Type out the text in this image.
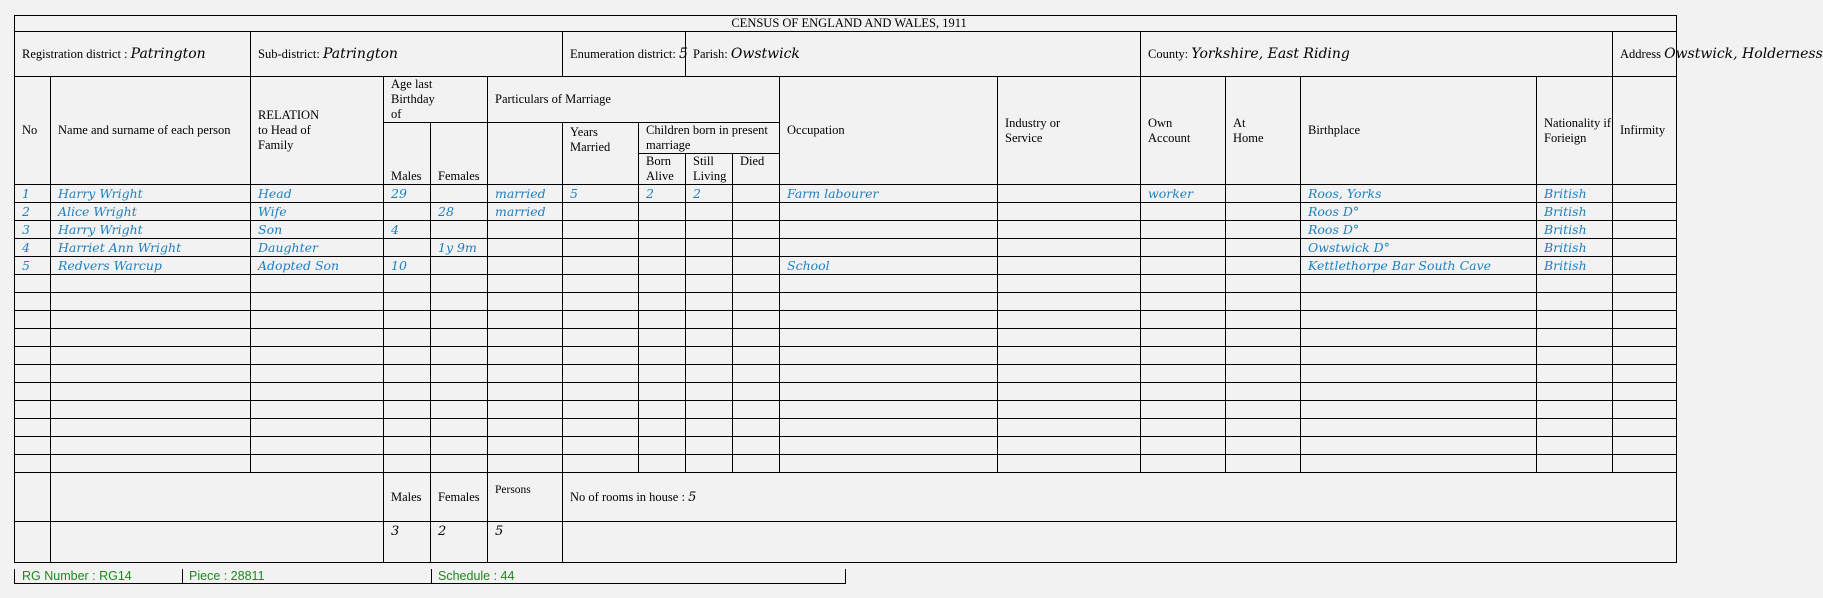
CENSUS OF ENGLAND AND WALES, 1911																
Registration district : Patrington		Sub-district: Patrington				Enumeration district: 5		Parish: Owstwick				County: Yorkshire, East Riding				Address Owstwick, Holderness
No	Name and surname of each person	RELATION to Head of Family	Age last Birthday of		Particulars of Marriage					Occupation	Industry or Service	Own Account	At Home	Birthplace	Nationality if Forieign	Infirmity
			Males	Females		Years Married	Children born in present marriage									
							Born Alive	Still Living	Died							
1	Harry Wright	Head	29		married	5	2	2		Farm labourer		worker		Roos, Yorks	British	
2	Alice Wright	Wife		28	married									Roos D°	British	
3	Harry Wright	Son	4											Roos D°	British	
4	Harriet Ann Wright	Daughter		1y 9m										Owstwick D°	British	
5	Redvers Warcup	Adopted Son	10							School				Kettlethorpe Bar South Cave	British	

			Males	Females	Persons	No of rooms in house : 5										
			3	2	5											
RG Number : RG14	Piece : 28811	Schedule : 44
